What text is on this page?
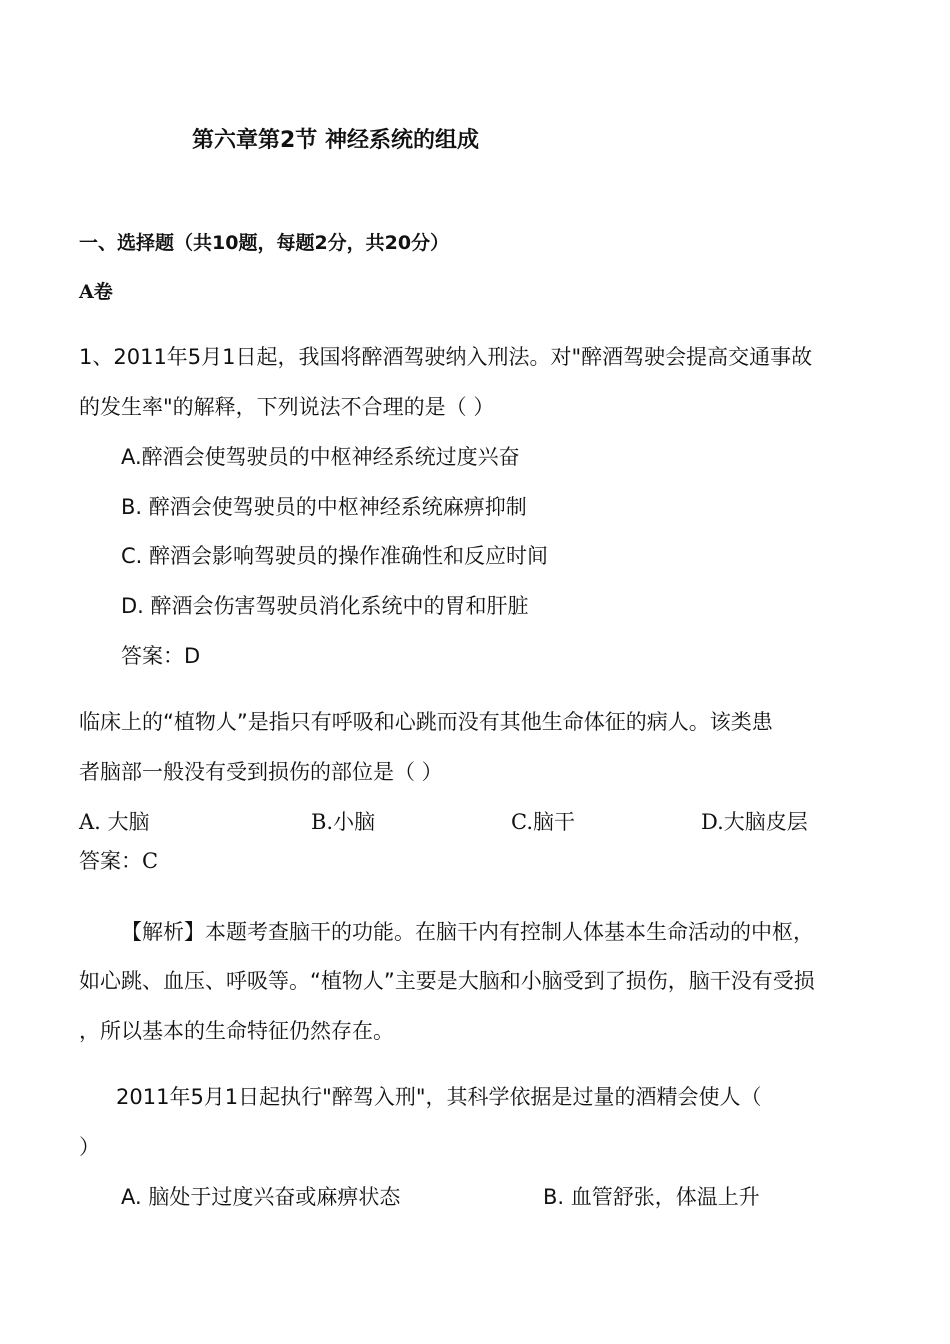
第六章第2节 神经系统的组成
一、选择题（共10题，每题2分，共20分）
A卷
1、2011年5月1日起，我国将醉酒驾驶纳入刑法。对"醉酒驾驶会提高交通事故
的发生率"的解释，下列说法不合理的是（ ）
A.醉酒会使驾驶员的中枢神经系统过度兴奋
B. 醉酒会使驾驶员的中枢神经系统麻痹抑制
C. 醉酒会影响驾驶员的操作准确性和反应时间
D. 醉酒会伤害驾驶员消化系统中的胃和肝脏
答案：D
临床上的“植物人”是指只有呼吸和心跳而没有其他生命体征的病人。该类患
者脑部一般没有受到损伤的部位是（ ）
A. 大脑	B.小脑	C.脑干	D.大脑皮层
答案：C
【解析】本题考查脑干的功能。在脑干内有控制人体基本生命活动的中枢，
如心跳、血压、呼吸等。“植物人”主要是大脑和小脑受到了损伤，脑干没有受损
，所以基本的生命特征仍然存在。
2011年5月1日起执行"醉驾入刑"，其科学依据是过量的酒精会使人（
）
A. 脑处于过度兴奋或麻痹状态	B. 血管舒张，体温上升
